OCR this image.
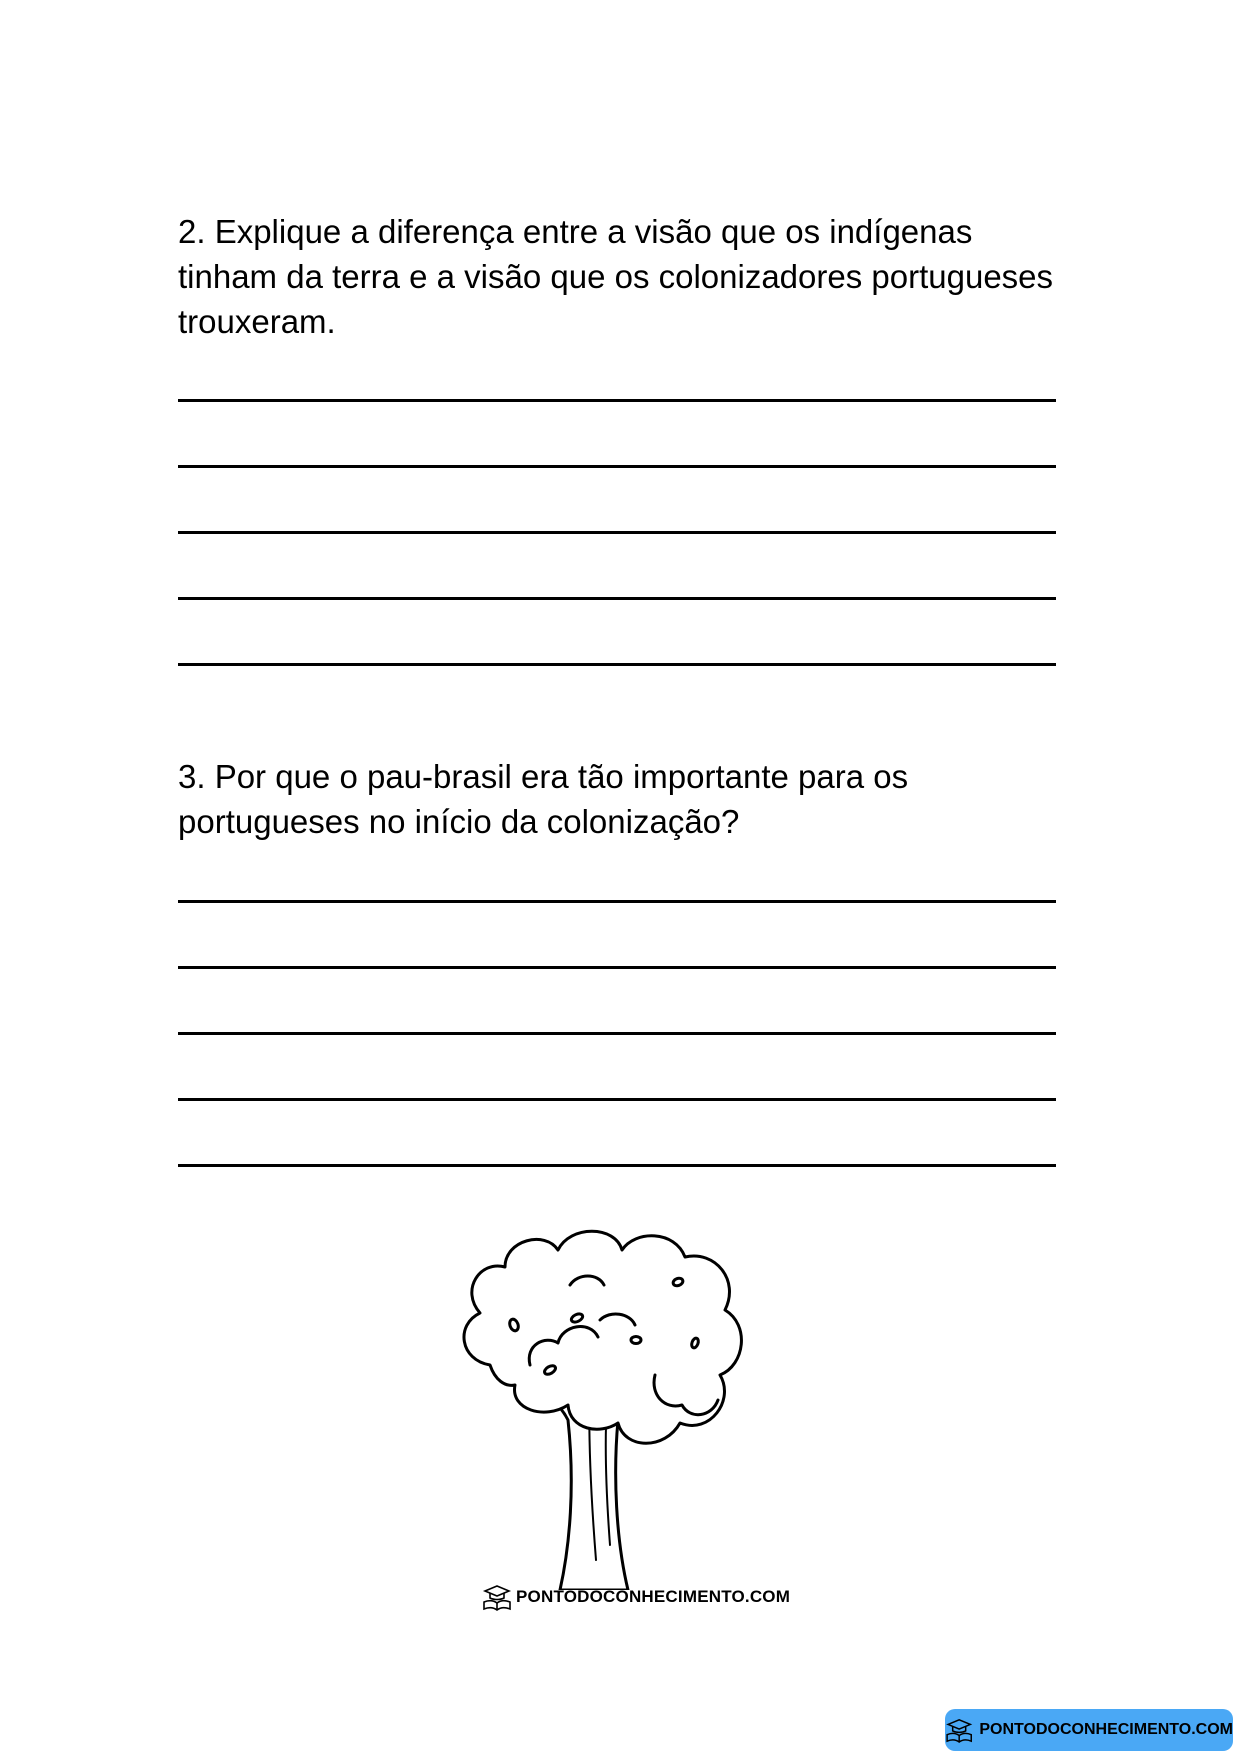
2. Explique a diferença entre a visão que os indígenas tinham da terra e a visão que os colonizadores portugueses trouxeram.

3. Por que o pau-brasil era tão importante para os portugueses no início da colonização?

PONTODOCONHECIMENTO.COM
PONTODOCONHECIMENTO.COM
